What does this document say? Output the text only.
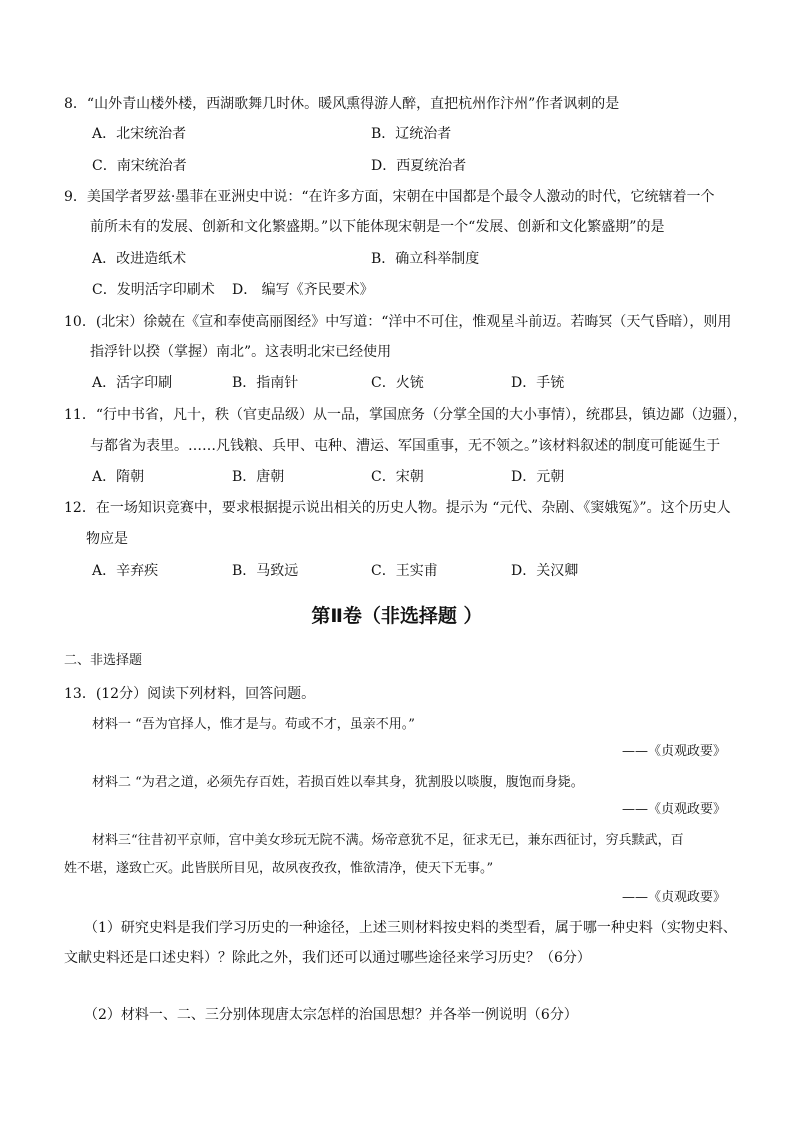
8．“山外青山楼外楼，西湖歌舞几时休。暖风熏得游人醉，直把杭州作汴州”作者讽刺的是
A．北宋统治者	B．辽统治者
C．南宋统治者	D．西夏统治者
9．美国学者罗兹·墨菲在亚洲史中说：“在许多方面，宋朝在中国都是个最令人激动的时代，它统辖着一个
前所未有的发展、创新和文化繁盛期。”以下能体现宋朝是一个“发展、创新和文化繁盛期”的是
A．改进造纸术	B．确立科举制度
C．发明活字印刷术 D． 编写《齐民要术》
10．(北宋）徐兢在《宣和奉使高丽图经》中写道：“洋中不可住，惟观星斗前迈。若晦冥（天气昏暗），则用
指浮针以揆（掌握）南北”。这表明北宋已经使用
A．活字印刷	B．指南针	C．火铳	D．手铳
11．“行中书省，凡十，秩（官吏品级）从一品，掌国庶务（分掌全国的大小事情），统郡县，镇边鄙（边疆），
与都省为表里。……凡钱粮、兵甲、屯种、漕运、军国重事，无不领之。”该材料叙述的制度可能诞生于
A．隋朝	B．唐朝	C．宋朝	D．元朝
12．在一场知识竞赛中，要求根据提示说出相关的历史人物。提示为 “元代、杂剧、《窦娥冤》”。这个历史人
物应是
A．辛弃疾	B．马致远	C．王实甫	D．关汉卿
第Ⅱ卷（非选择题 ）
二、非选择题
13．(12分）阅读下列材料，回答问题。
材料一 “吾为官择人，惟才是与。苟或不才，虽亲不用。”
——《贞观政要》
材料二 “为君之道，必须先存百姓，若损百姓以奉其身，犹割股以啖腹，腹饱而身毙。
——《贞观政要》
材料三“往昔初平京师，宫中美女珍玩无院不满。炀帝意犹不足，征求无已，兼东西征讨，穷兵黩武，百
姓不堪，遂致亡灭。此皆朕所目见，故夙夜孜孜，惟欲清净，使天下无事。”
——《贞观政要》
（1）研究史料是我们学习历史的一种途径，上述三则材料按史料的类型看，属于哪一种史料（实物史料、
文献史料还是口述史料）？除此之外，我们还可以通过哪些途径来学习历史？（6分）
（2）材料一、二、三分别体现唐太宗怎样的治国思想？并各举一例说明（6分）
